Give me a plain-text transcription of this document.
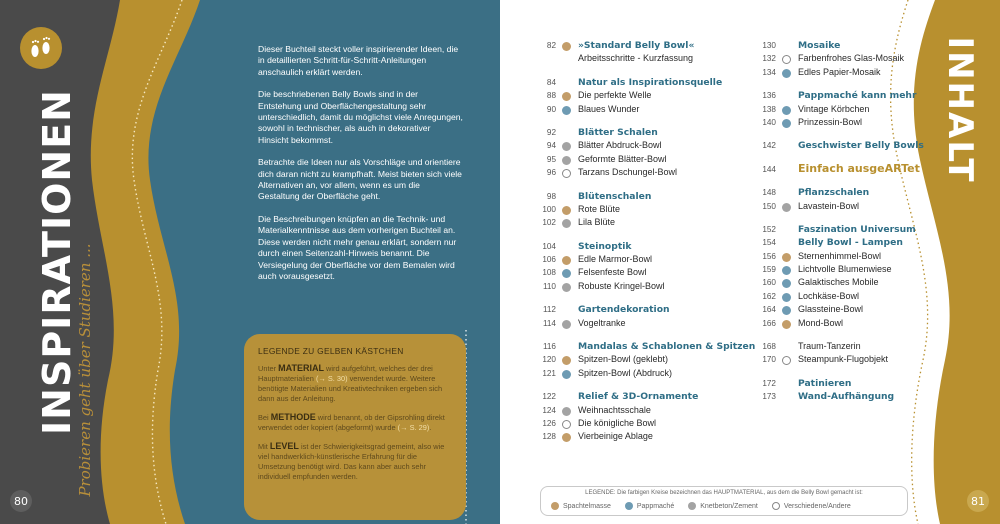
INSPIRATIONEN
Probieren geht über Studieren ...
80

Dieser Buchteil steckt voller inspirierender Ideen, die in detaillierten Schritt-für-Schritt-Anleitungen anschaulich erklärt werden.

Die beschriebenen Belly Bowls sind in der Entstehung und Oberflächengestaltung sehr unterschiedlich, damit du möglichst viele Anregungen, sowohl in technischer, als auch in dekorativer Hinsicht bekommst.

Betrachte die Ideen nur als Vorschläge und orientiere dich daran nicht zu krampfhaft. Meist bieten sich viele Alternativen an, vor allem, wenn es um die Gestaltung der Oberfläche geht.

Die Beschreibungen knüpfen an die Technik- und Materialkenntnisse aus dem vorherigen Buchteil an. Diese werden nicht mehr genau erklärt, sondern nur durch einen Seitenzahl-Hinweis benannt. Die Versiegelung der Oberfläche vor dem Bemalen wird auch vorausgesetzt.

LEGENDE ZU GELBEN KÄSTCHEN

Unter MATERIAL wird aufgeführt, welches der drei Hauptmaterialien (→ S. 30) verwendet wurde. Weitere benötigte Materialien und Kreativtechniken ergeben sich dann aus der Anleitung.

Bei METHODE wird benannt, ob der Gipsrohling direkt verwendet oder kopiert (abgeformt) wurde (→ S. 29).

Mit LEVEL ist der Schwierigkeitsgrad gemeint, also wie viel handwerklich-künstlerische Erfahrung für die Umsetzung benötigt wird. Das kann aber auch sehr individuell empfunden werden.

INHALT
81
82 »Standard Belly Bowl«
Arbeitsschritte - Kurzfassung
84 Natur als Inspirationsquelle
88 Die perfekte Welle
90 Blaues Wunder
92 Blätter Schalen
94 Blätter Abdruck-Bowl
95 Geformte Blätter-Bowl
96 Tarzans Dschungel-Bowl
98 Blütenschalen
100 Rote Blüte
102 Lila Blüte
104 Steinoptik
106 Edle Marmor-Bowl
108 Felsenfeste Bowl
110 Robuste Kringel-Bowl
112 Gartendekoration
114 Vogeltranke
116 Mandalas & Schablonen & Spitzen
120 Spitzen-Bowl (geklebt)
121 Spitzen-Bowl (Abdruck)
122 Relief & 3D-Ornamente
124 Weihnachtsschale
126 Die königliche Bowl
128 Vierbeinige Ablage
130 Mosaike
132 Farbenfrohes Glas-Mosaik
134 Edles Papier-Mosaik
136 Pappmaché kann mehr
138 Vintage Körbchen
140 Prinzessin-Bowl
142 Geschwister Belly Bowls
144 Einfach ausgeARTet
148 Pflanzschalen
150 Lavastein-Bowl
152 Faszination Universum
154 Belly Bowl - Lampen
156 Sternenhimmel-Bowl
159 Lichtvolle Blumenwiese
160 Galaktisches Mobile
162 Lochkäse-Bowl
164 Glassteine-Bowl
166 Mond-Bowl
168 Traum-Tanzerin
170 Steampunk-Flugobjekt
172 Patinieren
173 Wand-Aufhängung
LEGENDE: Die farbigen Kreise bezeichnen das HAUPTMATERIAL, aus dem die Belly Bowl gemacht ist:
Spachtelmasse	Pappmaché	Knetbeton/Zement	Verschiedene/Andere
